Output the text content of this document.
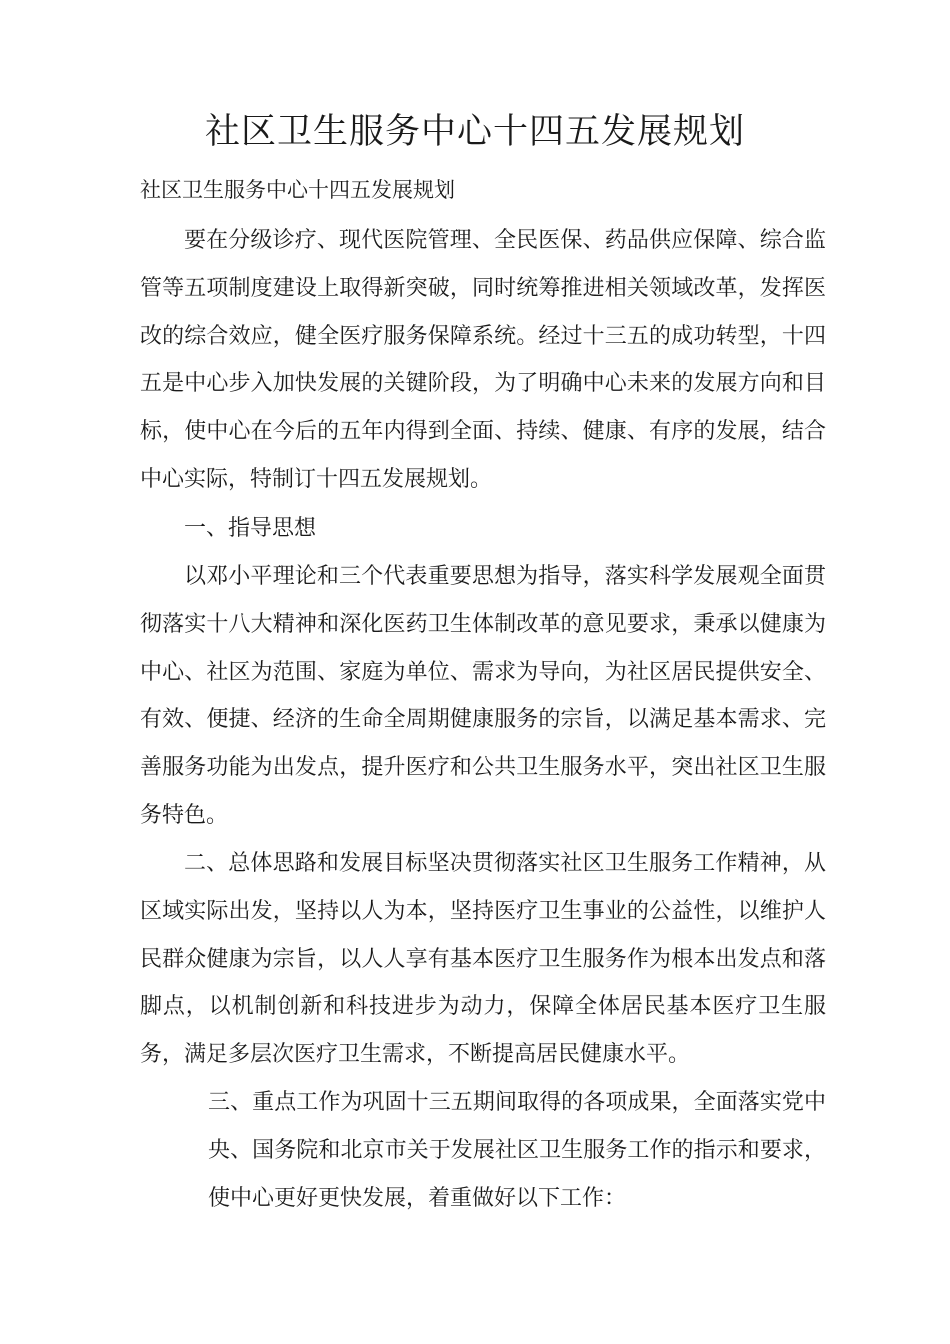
社区卫生服务中心十四五发展规划

社区卫生服务中心十四五发展规划

要在分级诊疗、现代医院管理、全民医保、药品供应保障、综合监管等五项制度建设上取得新突破，同时统筹推进相关领域改革，发挥医改的综合效应，健全医疗服务保障系统。经过十三五的成功转型，十四五是中心步入加快发展的关键阶段，为了明确中心未来的发展方向和目标，使中心在今后的五年内得到全面、持续、健康、有序的发展，结合中心实际，特制订十四五发展规划。

一、指导思想

以邓小平理论和三个代表重要思想为指导，落实科学发展观全面贯彻落实十八大精神和深化医药卫生体制改革的意见要求，秉承以健康为中心、社区为范围、家庭为单位、需求为导向，为社区居民提供安全、有效、便捷、经济的生命全周期健康服务的宗旨，以满足基本需求、完善服务功能为出发点，提升医疗和公共卫生服务水平，突出社区卫生服务特色。

二、总体思路和发展目标坚决贯彻落实社区卫生服务工作精神，从区域实际出发，坚持以人为本，坚持医疗卫生事业的公益性，以维护人民群众健康为宗旨，以人人享有基本医疗卫生服务作为根本出发点和落脚点，以机制创新和科技进步为动力，保障全体居民基本医疗卫生服务，满足多层次医疗卫生需求，不断提高居民健康水平。

三、重点工作为巩固十三五期间取得的各项成果，全面落实党中央、国务院和北京市关于发展社区卫生服务工作的指示和要求，使中心更好更快发展，着重做好以下工作：
